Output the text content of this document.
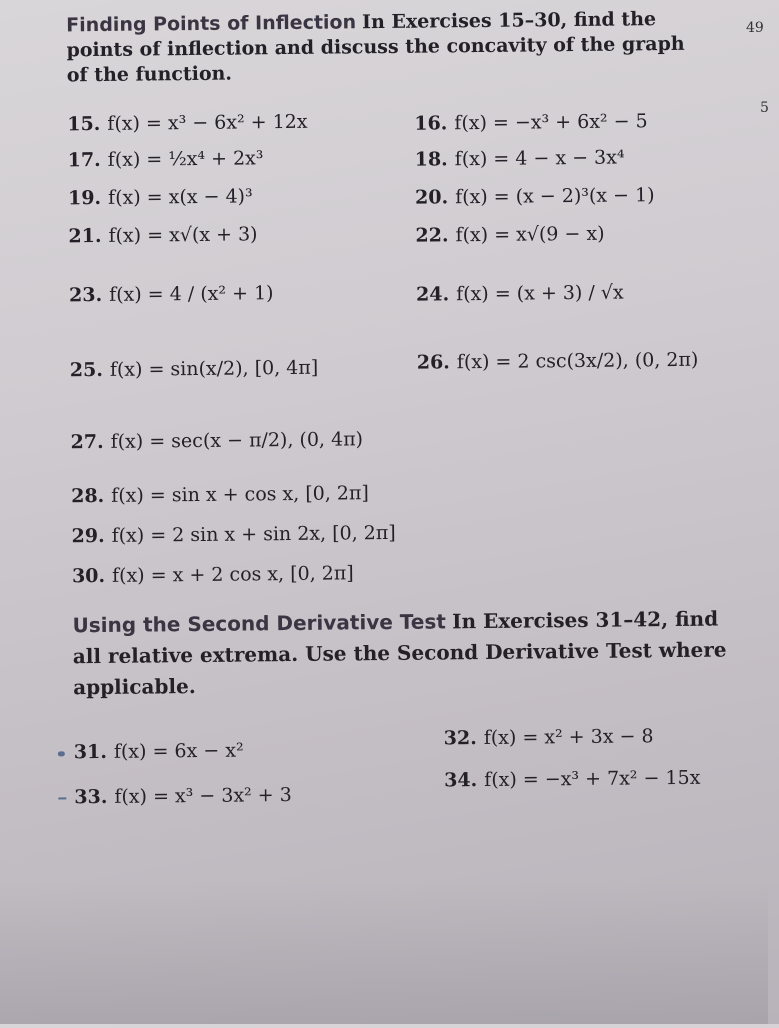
Finding Points of Inflection In Exercises 15–30, find the points of inflection and discuss the concavity of the graph of the function.
15. f(x) = x³ − 6x² + 12x	16. f(x) = −x³ + 6x² − 5
17. f(x) = ½x⁴ + 2x³	18. f(x) = 4 − x − 3x⁴
19. f(x) = x(x − 4)³	20. f(x) = (x − 2)³(x − 1)
21. f(x) = x√(x + 3)	22. f(x) = x√(9 − x)
23. f(x) = 4 / (x² + 1)	24. f(x) = (x + 3) / √x
25. f(x) = sin(x/2), [0, 4π]	26. f(x) = 2 csc(3x/2), (0, 2π)
27. f(x) = sec(x − π/2), (0, 4π)
28. f(x) = sin x + cos x, [0, 2π]
29. f(x) = 2 sin x + sin 2x, [0, 2π]
30. f(x) = x + 2 cos x, [0, 2π]
Using the Second Derivative Test In Exercises 31–42, find all relative extrema. Use the Second Derivative Test where applicable.
31. f(x) = 6x − x²
32. f(x) = x² + 3x − 8
33. f(x) = x³ − 3x² + 3
34. f(x) = −x³ + 7x² − 15x
49
5
